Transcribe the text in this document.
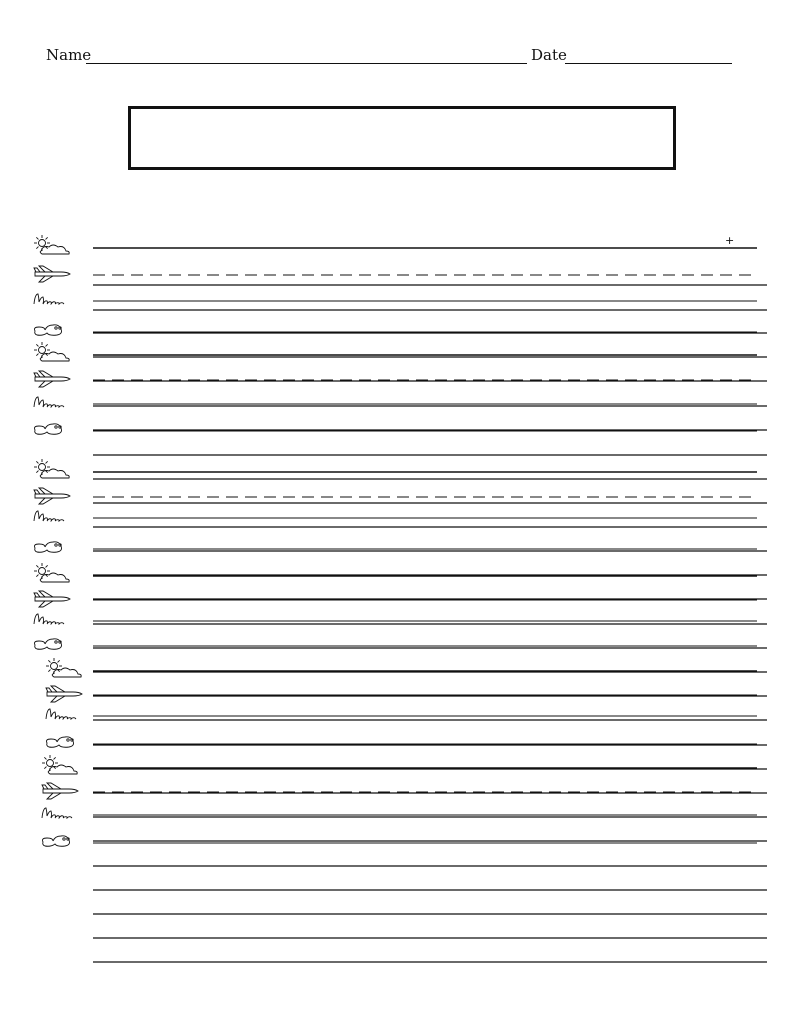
Name	Date
+
